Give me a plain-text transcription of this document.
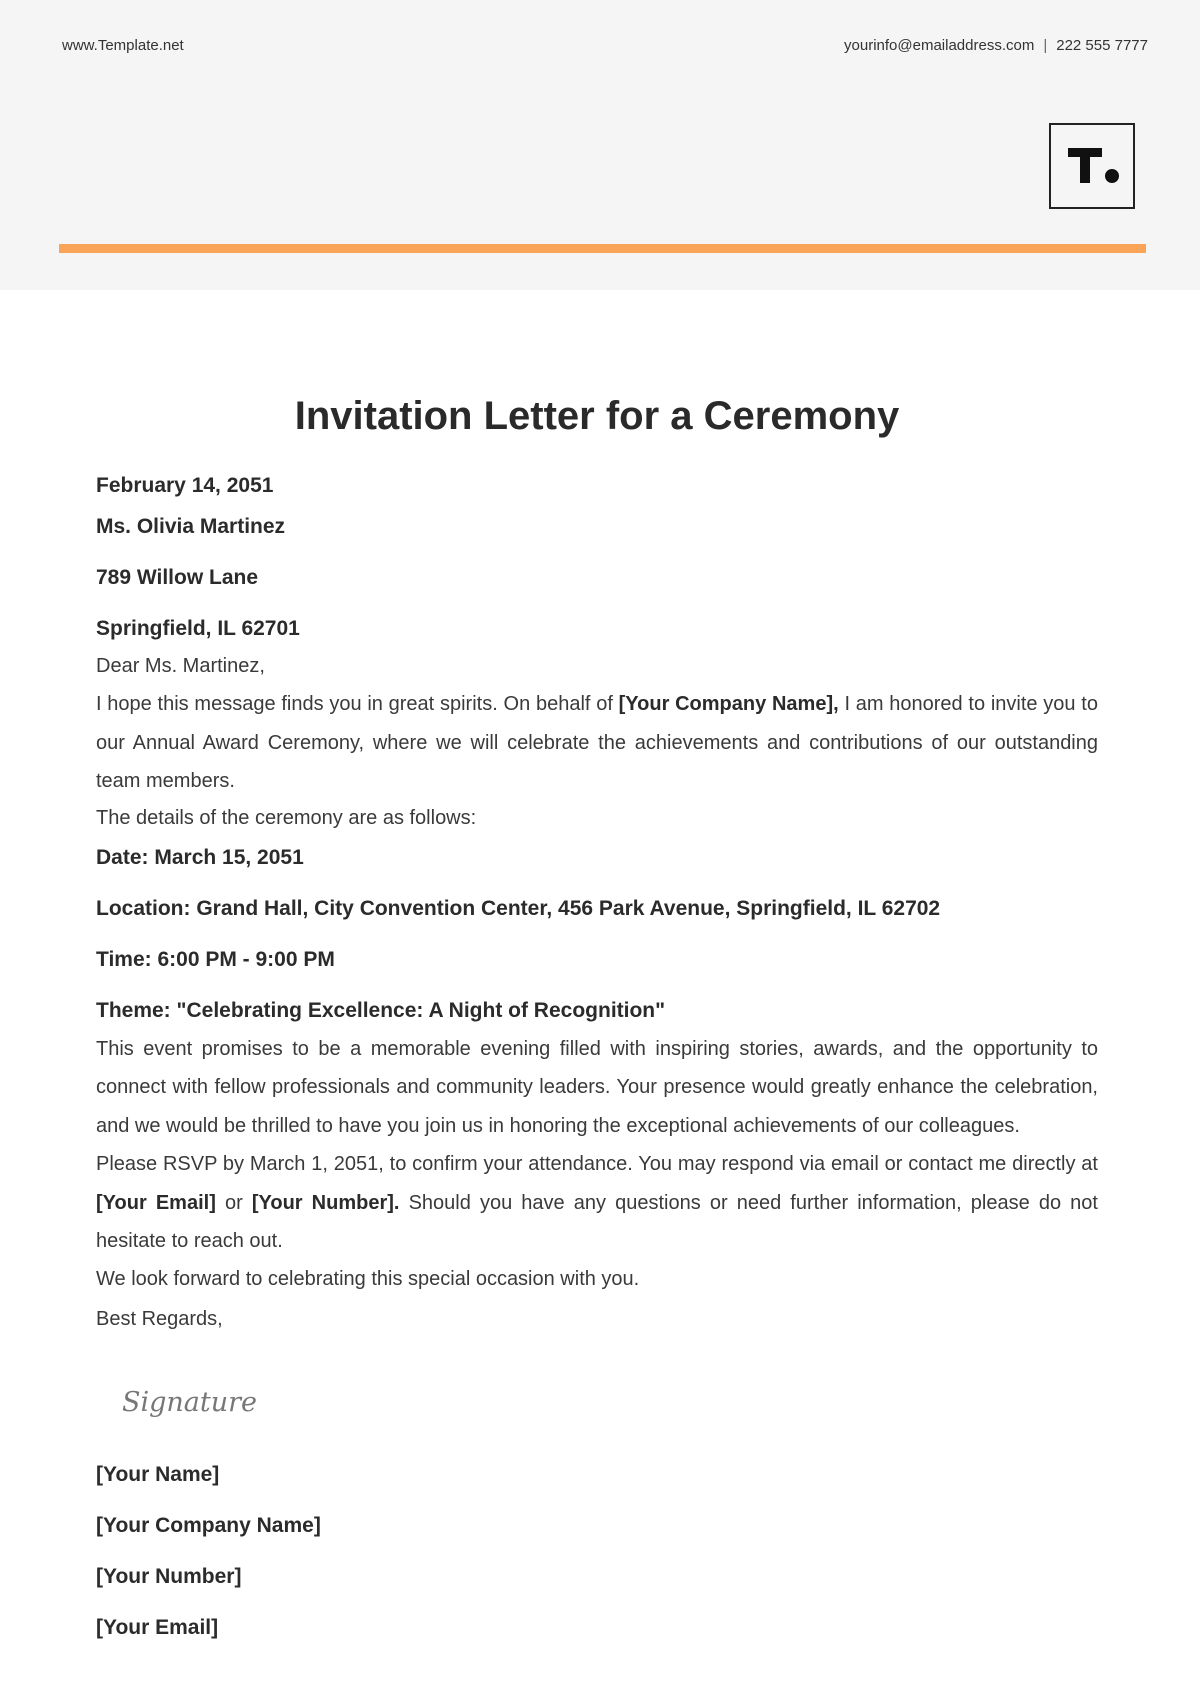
www.Template.net	yourinfo@emailaddress.com | 222 555 7777
Invitation Letter for a Ceremony
February 14, 2051
Ms. Olivia Martinez
789 Willow Lane
Springfield, IL 62701
Dear Ms. Martinez,

I hope this message finds you in great spirits. On behalf of [Your Company Name], I am honored to invite you to our Annual Award Ceremony, where we will celebrate the achievements and contributions of our outstanding team members.

The details of the ceremony are as follows:
Date: March 15, 2051
Location: Grand Hall, City Convention Center, 456 Park Avenue, Springfield, IL 62702
Time: 6:00 PM - 9:00 PM
Theme: "Celebrating Excellence: A Night of Recognition"

This event promises to be a memorable evening filled with inspiring stories, awards, and the opportunity to connect with fellow professionals and community leaders. Your presence would greatly enhance the celebration, and we would be thrilled to have you join us in honoring the exceptional achievements of our colleagues.

Please RSVP by March 1, 2051, to confirm your attendance. You may respond via email or contact me directly at [Your Email] or [Your Number]. Should you have any questions or need further information, please do not hesitate to reach out.

We look forward to celebrating this special occasion with you.
Best Regards,
Signature
[Your Name]
[Your Company Name]
[Your Number]
[Your Email]
